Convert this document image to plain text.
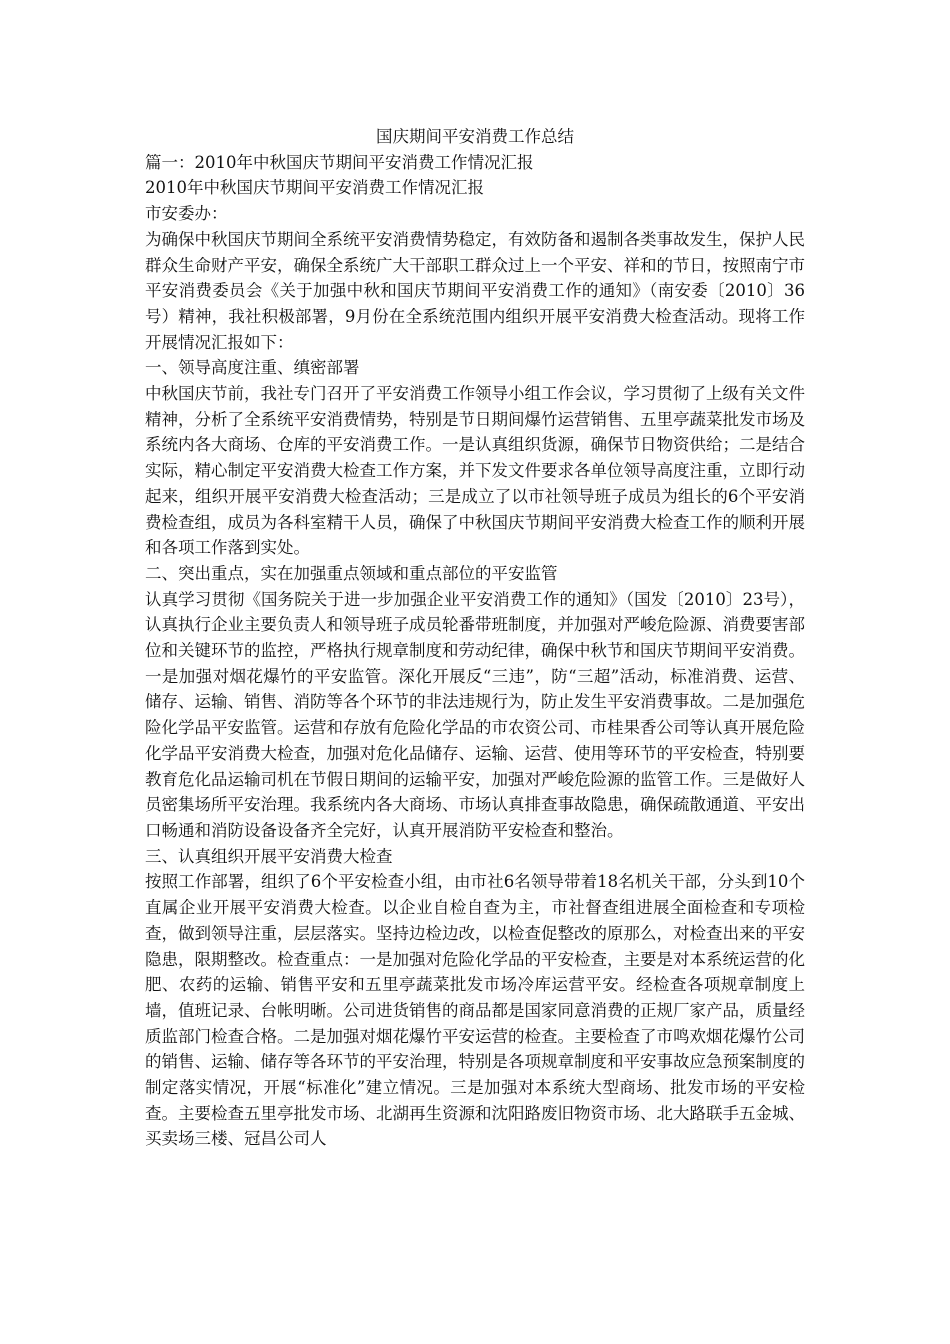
国庆期间平安消费工作总结

篇一：2010年中秋国庆节期间平安消费工作情况汇报

2010年中秋国庆节期间平安消费工作情况汇报

市安委办：

为确保中秋国庆节期间全系统平安消费情势稳定，有效防备和遏制各类事故发生，保护人民群众生命财产平安，确保全系统广大干部职工群众过上一个平安、祥和的节日，按照南宁市平安消费委员会《关于加强中秋和国庆节期间平安消费工作的通知》（南安委〔2010〕36号）精神，我社积极部署，9月份在全系统范围内组织开展平安消费大检查活动。现将工作开展情况汇报如下：

一、领导高度注重、缜密部署

中秋国庆节前，我社专门召开了平安消费工作领导小组工作会议，学习贯彻了上级有关文件精神，分析了全系统平安消费情势，特别是节日期间爆竹运营销售、五里亭蔬菜批发市场及系统内各大商场、仓库的平安消费工作。一是认真组织货源，确保节日物资供给；二是结合实际，精心制定平安消费大检查工作方案，并下发文件要求各单位领导高度注重，立即行动起来，组织开展平安消费大检查活动；三是成立了以市社领导班子成员为组长的6个平安消费检查组，成员为各科室精干人员，确保了中秋国庆节期间平安消费大检查工作的顺利开展和各项工作落到实处。

二、突出重点，实在加强重点领域和重点部位的平安监管

认真学习贯彻《国务院关于进一步加强企业平安消费工作的通知》（国发〔2010〕23号），认真执行企业主要负责人和领导班子成员轮番带班制度，并加强对严峻危险源、消费要害部位和关键环节的监控，严格执行规章制度和劳动纪律，确保中秋节和国庆节期间平安消费。一是加强对烟花爆竹的平安监管。深化开展反“三违”，防“三超”活动，标准消费、运营、储存、运输、销售、消防等各个环节的非法违规行为，防止发生平安消费事故。二是加强危险化学品平安监管。运营和存放有危险化学品的市农资公司、市桂果香公司等认真开展危险化学品平安消费大检查，加强对危化品储存、运输、运营、使用等环节的平安检查，特别要教育危化品运输司机在节假日期间的运输平安，加强对严峻危险源的监管工作。三是做好人员密集场所平安治理。我系统内各大商场、市场认真排查事故隐患，确保疏散通道、平安出口畅通和消防设备设备齐全完好，认真开展消防平安检查和整治。

三、认真组织开展平安消费大检查

按照工作部署，组织了6个平安检查小组，由市社6名领导带着18名机关干部，分头到10个直属企业开展平安消费大检查。以企业自检自查为主，市社督查组进展全面检查和专项检查，做到领导注重，层层落实。坚持边检边改，以检查促整改的原那么，对检查出来的平安隐患，限期整改。检查重点：一是加强对危险化学品的平安检查，主要是对本系统运营的化肥、农药的运输、销售平安和五里亭蔬菜批发市场冷库运营平安。经检查各项规章制度上墙，值班记录、台帐明晰。公司进货销售的商品都是国家同意消费的正规厂家产品，质量经质监部门检查合格。二是加强对烟花爆竹平安运营的检查。主要检查了市鸣欢烟花爆竹公司的销售、运输、储存等各环节的平安治理，特别是各项规章制度和平安事故应急预案制度的制定落实情况，开展“标准化”建立情况。三是加强对本系统大型商场、批发市场的平安检查。主要检查五里亭批发市场、北湖再生资源和沈阳路废旧物资市场、北大路联手五金城、买卖场三楼、冠昌公司人
